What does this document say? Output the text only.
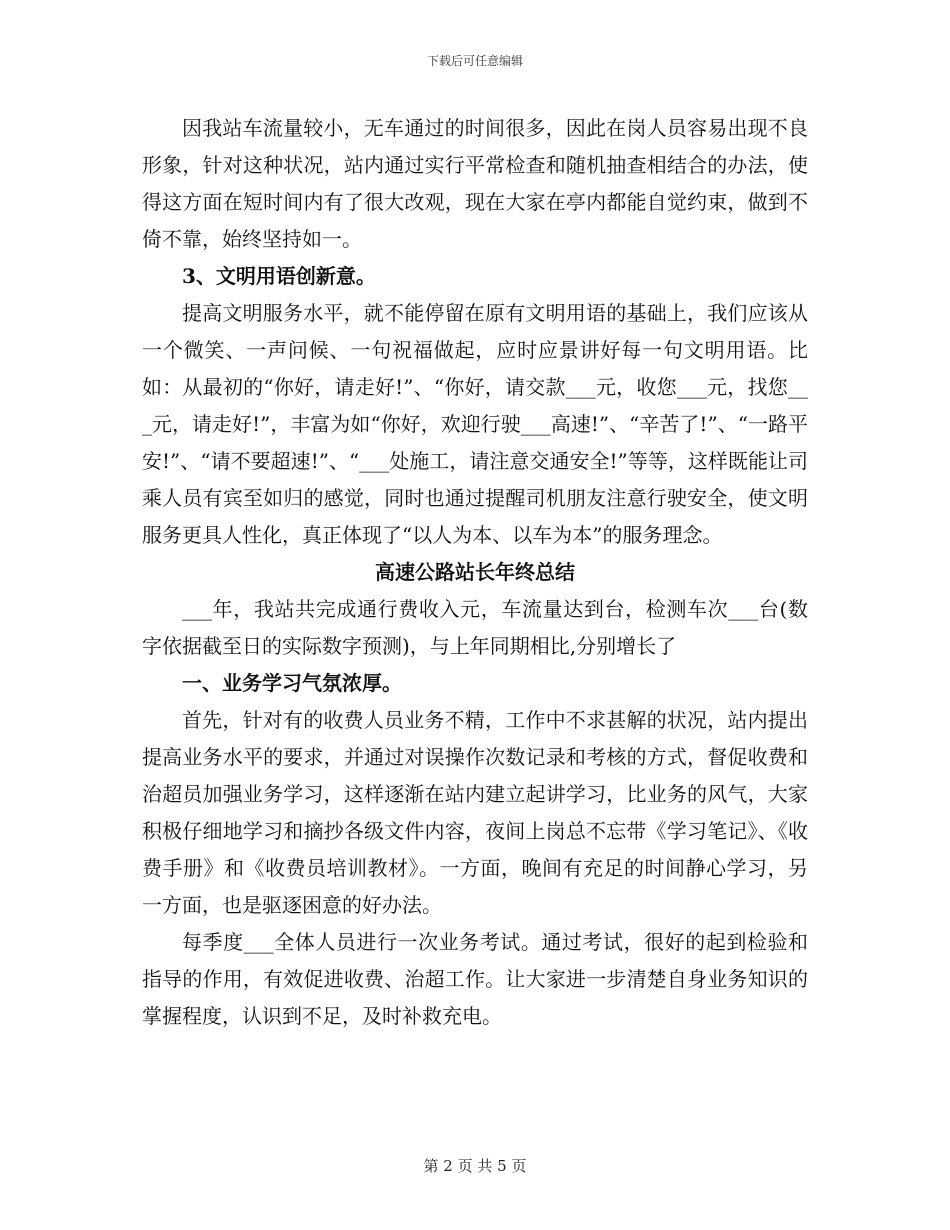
下载后可任意编辑

因我站车流量较小，无车通过的时间很多，因此在岗人员容易出现不良形象，针对这种状况，站内通过实行平常检查和随机抽查相结合的办法，使得这方面在短时间内有了很大改观，现在大家在亭内都能自觉约束，做到不倚不靠，始终坚持如一。

3、文明用语创新意。

提高文明服务水平，就不能停留在原有文明用语的基础上，我们应该从一个微笑、一声问候、一句祝福做起，应时应景讲好每一句文明用语。比如：从最初的“你好，请走好!”、“你好，请交款___元，收您___元，找您___元，请走好!”，丰富为如“你好，欢迎行驶___高速!”、“辛苦了!”、“一路平安!”、“请不要超速!”、“___处施工，请注意交通安全!”等等，这样既能让司乘人员有宾至如归的感觉，同时也通过提醒司机朋友注意行驶安全，使文明服务更具人性化，真正体现了“以人为本、以车为本”的服务理念。

高速公路站长年终总结

___年，我站共完成通行费收入元，车流量达到台，检测车次___台(数字依据截至日的实际数字预测)，与上年同期相比,分别增长了

一、业务学习气氛浓厚。

首先，针对有的收费人员业务不精，工作中不求甚解的状况，站内提出提高业务水平的要求，并通过对误操作次数记录和考核的方式，督促收费和治超员加强业务学习，这样逐渐在站内建立起讲学习，比业务的风气，大家积极仔细地学习和摘抄各级文件内容，夜间上岗总不忘带《学习笔记》、《收费手册》和《收费员培训教材》。一方面，晚间有充足的时间静心学习，另一方面，也是驱逐困意的好办法。

每季度___全体人员进行一次业务考试。通过考试，很好的起到检验和指导的作用，有效促进收费、治超工作。让大家进一步清楚自身业务知识的掌握程度，认识到不足，及时补救充电。

第 2 页 共 5 页
